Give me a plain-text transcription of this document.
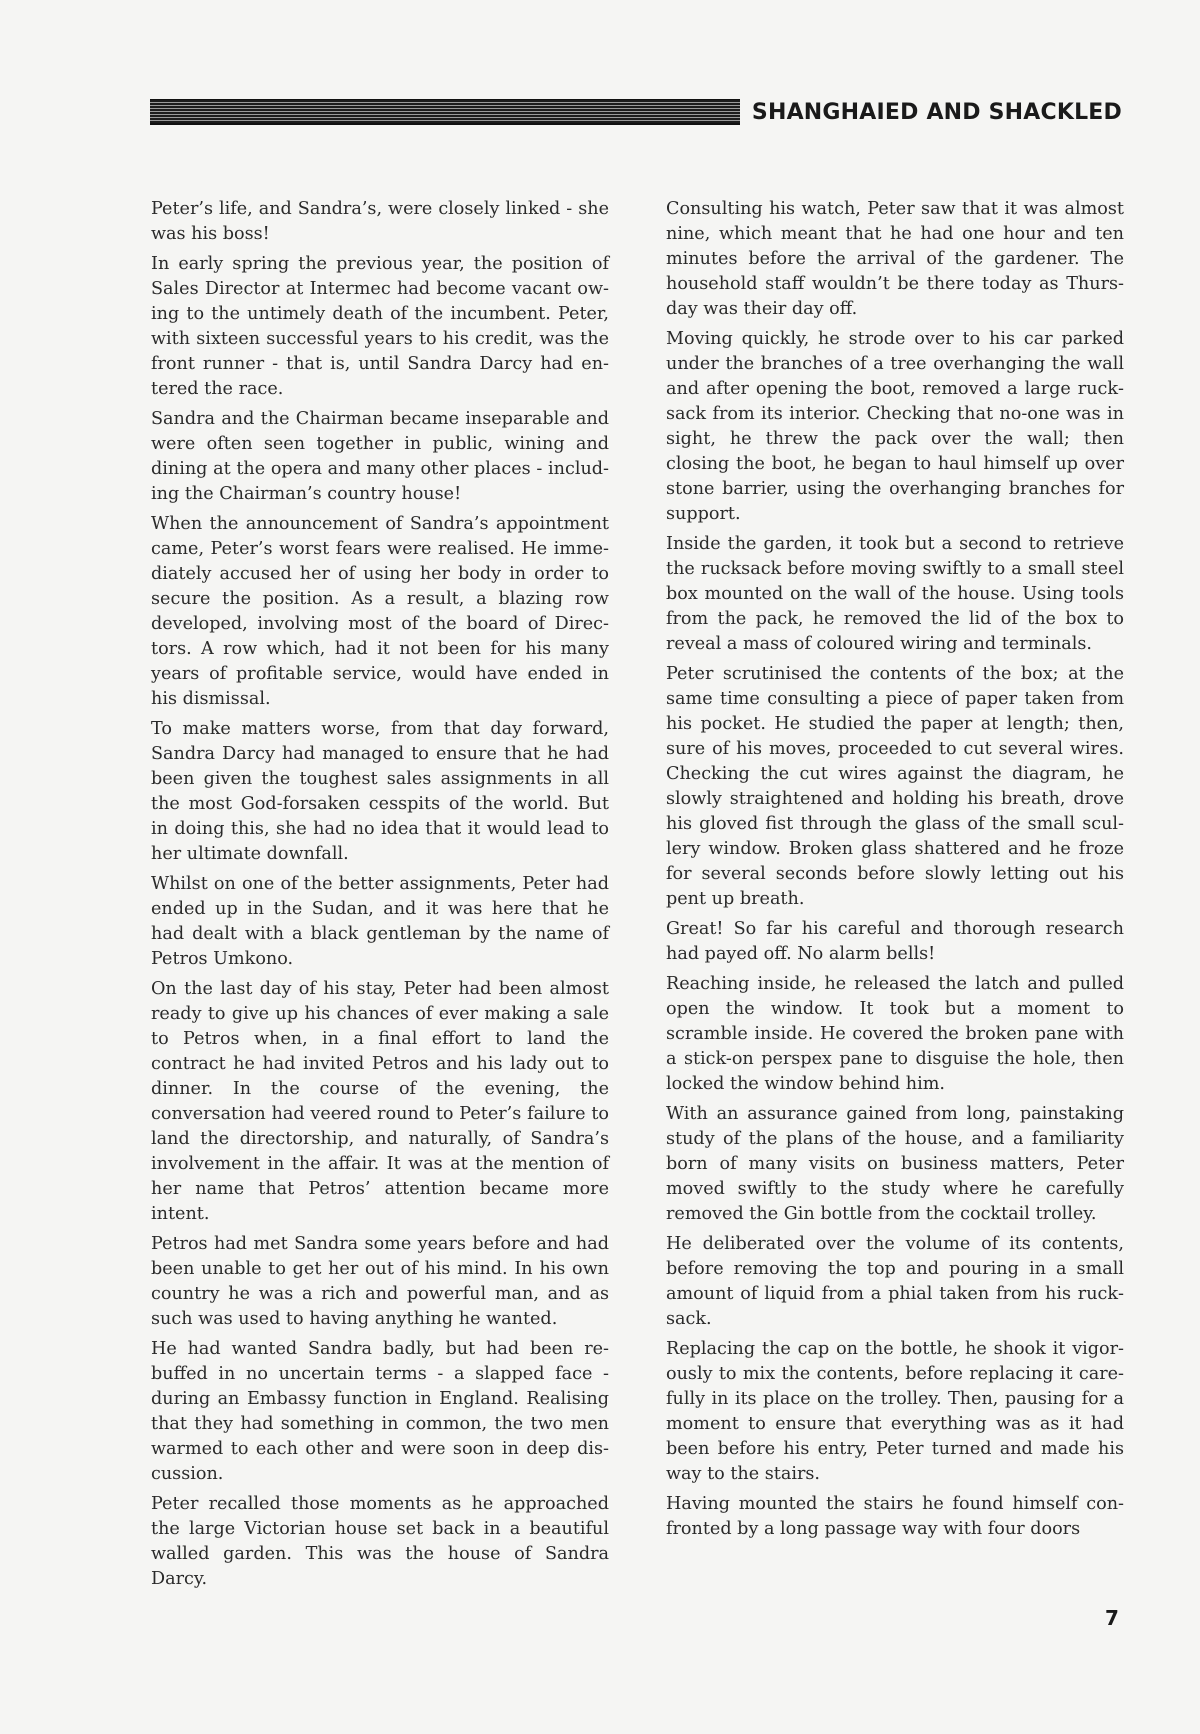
SHANGHAIED AND SHACKLED

Peter’s life, and Sandra’s, were closely linked - she was his boss!

In early spring the previous year, the position of Sales Director at Intermec had become vacant owing to the untimely death of the incumbent. Peter, with sixteen successful years to his credit, was the front runner - that is, until Sandra Darcy had entered the race.

Sandra and the Chairman became inseparable and were often seen together in public, wining and dining at the opera and many other places - including the Chairman’s country house!

When the announcement of Sandra’s appointment came, Peter’s worst fears were realised. He immediately accused her of using her body in order to secure the position. As a result, a blazing row developed, involving most of the board of Directors. A row which, had it not been for his many years of profitable service, would have ended in his dismissal.

To make matters worse, from that day forward, Sandra Darcy had managed to ensure that he had been given the toughest sales assignments in all the most God-forsaken cesspits of the world. But in doing this, she had no idea that it would lead to her ultimate downfall.

Whilst on one of the better assignments, Peter had ended up in the Sudan, and it was here that he had dealt with a black gentleman by the name of Petros Umkono.

On the last day of his stay, Peter had been almost ready to give up his chances of ever making a sale to Petros when, in a final effort to land the contract he had invited Petros and his lady out to dinner. In the course of the evening, the conversation had veered round to Peter’s failure to land the directorship, and naturally, of Sandra’s involvement in the affair. It was at the mention of her name that Petros’ attention became more intent.

Petros had met Sandra some years before and had been unable to get her out of his mind. In his own country he was a rich and powerful man, and as such was used to having anything he wanted.

He had wanted Sandra badly, but had been rebuffed in no uncertain terms - a slapped face - during an Embassy function in England. Realising that they had something in common, the two men warmed to each other and were soon in deep discussion.

Peter recalled those moments as he approached the large Victorian house set back in a beautiful walled garden. This was the house of Sandra Darcy.

Consulting his watch, Peter saw that it was almost nine, which meant that he had one hour and ten minutes before the arrival of the gardener. The household staff wouldn’t be there today as Thursday was their day off.

Moving quickly, he strode over to his car parked under the branches of a tree overhanging the wall and after opening the boot, removed a large rucksack from its interior. Checking that no-one was in sight, he threw the pack over the wall; then closing the boot, he began to haul himself up over stone barrier, using the overhanging branches for support.

Inside the garden, it took but a second to retrieve the rucksack before moving swiftly to a small steel box mounted on the wall of the house. Using tools from the pack, he removed the lid of the box to reveal a mass of coloured wiring and terminals.

Peter scrutinised the contents of the box; at the same time consulting a piece of paper taken from his pocket. He studied the paper at length; then, sure of his moves, proceeded to cut several wires. Checking the cut wires against the diagram, he slowly straightened and holding his breath, drove his gloved fist through the glass of the small scullery window. Broken glass shattered and he froze for several seconds before slowly letting out his pent up breath.

Great! So far his careful and thorough research had payed off. No alarm bells!

Reaching inside, he released the latch and pulled open the window. It took but a moment to scramble inside. He covered the broken pane with a stick-on perspex pane to disguise the hole, then locked the window behind him.

With an assurance gained from long, painstaking study of the plans of the house, and a familiarity born of many visits on business matters, Peter moved swiftly to the study where he carefully removed the Gin bottle from the cocktail trolley.

He deliberated over the volume of its contents, before removing the top and pouring in a small amount of liquid from a phial taken from his rucksack.

Replacing the cap on the bottle, he shook it vigorously to mix the contents, before replacing it carefully in its place on the trolley. Then, pausing for a moment to ensure that everything was as it had been before his entry, Peter turned and made his way to the stairs.

Having mounted the stairs he found himself confronted by a long passage way with four doors

7
